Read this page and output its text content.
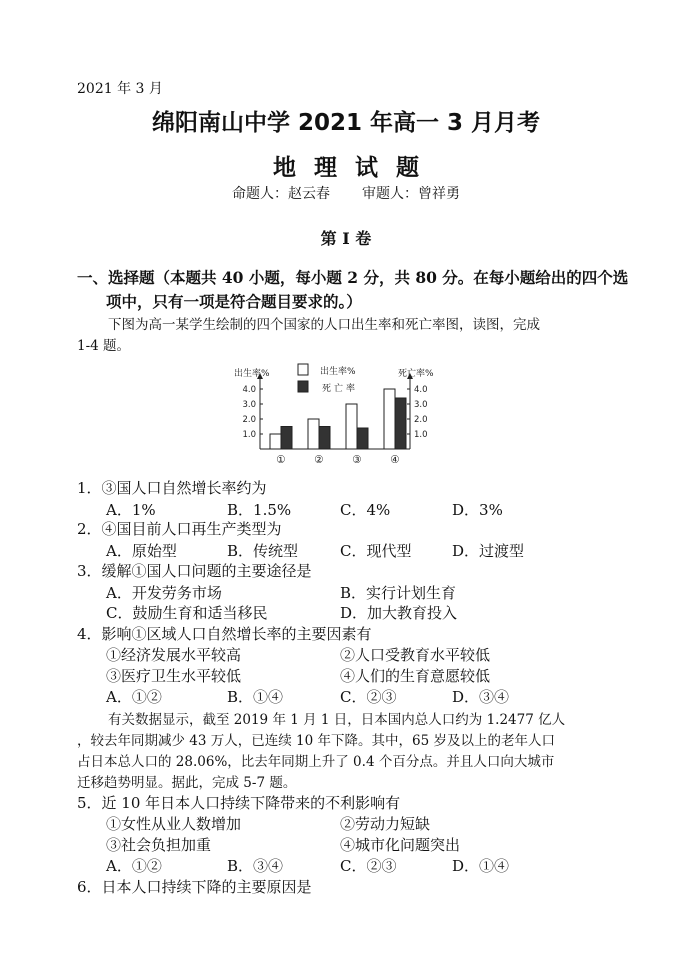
2021 年 3 月
绵阳南山中学 2021 年高一 3 月月考
地理试题
命题人：赵云春 审题人：曾祥勇
第 I 卷
一、选择题（本题共 40 小题，每小题 2 分，共 80 分。在每小题给出的四个选
项中，只有一项是符合题目要求的。）
下图为高一某学生绘制的四个国家的人口出生率和死亡率图，读图，完成
1-4 题。
出生率%	死亡率%
1.0	1.0
2.0	2.0
3.0	3.0
4.0	4.0
①	②	③	④
出生率%
死亡率
1．③国人口自然增长率约为
A．1%	B．1.5%	C．4%	D．3%
2．④国目前人口再生产类型为
A．原始型	B．传统型	C．现代型	D．过渡型
3．缓解①国人口问题的主要途径是
A．开发劳务市场	B．实行计划生育
C．鼓励生育和适当移民	D．加大教育投入
4．影响①区域人口自然增长率的主要因素有
①经济发展水平较高	②人口受教育水平较低
③医疗卫生水平较低	④人们的生育意愿较低
A．①②	B．①④	C．②③	D．③④
有关数据显示，截至 2019 年 1 月 1 日，日本国内总人口约为 1.2477 亿人
，较去年同期减少 43 万人，已连续 10 年下降。其中，65 岁及以上的老年人口
占日本总人口的 28.06%，比去年同期上升了 0.4 个百分点。并且人口向大城市
迁移趋势明显。据此，完成 5-7 题。
5．近 10 年日本人口持续下降带来的不利影响有
①女性从业人数增加	②劳动力短缺
③社会负担加重	④城市化问题突出
A．①②	B．③④	C．②③	D．①④
6．日本人口持续下降的主要原因是
